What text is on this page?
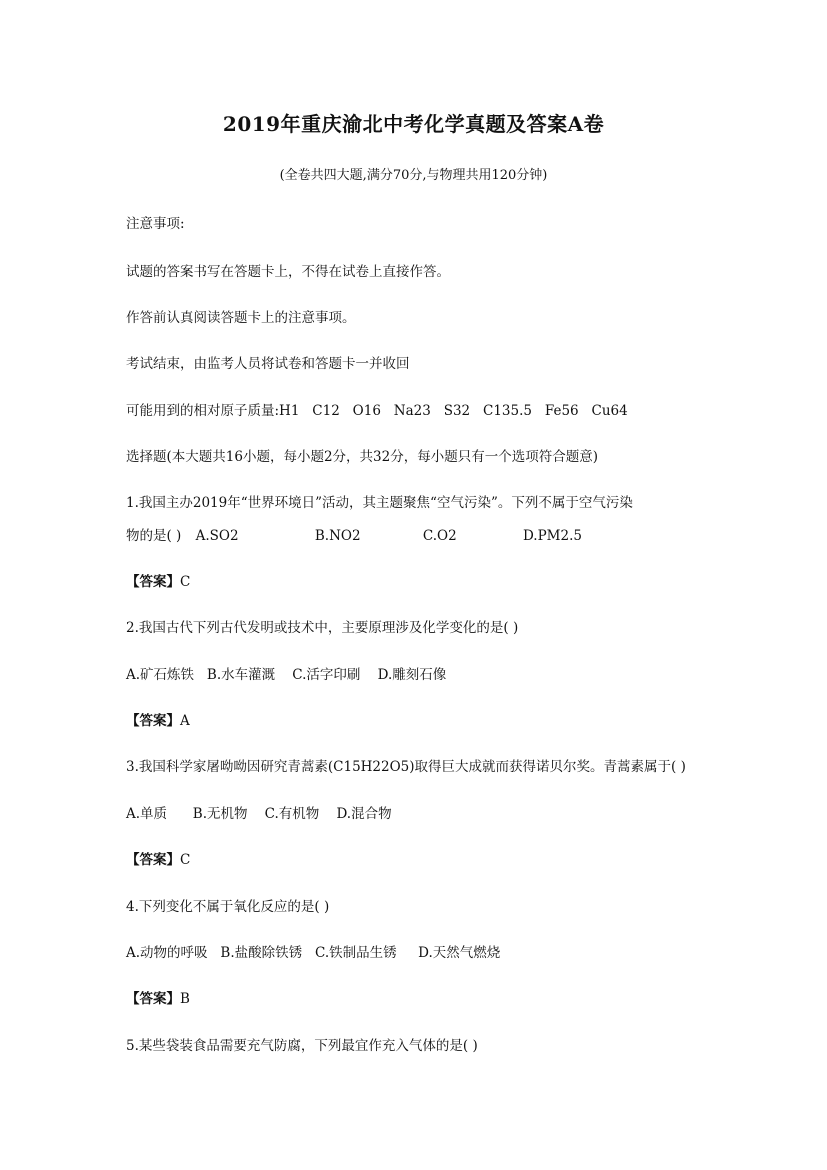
2019年重庆渝北中考化学真题及答案A卷
(全卷共四大题,满分70分,与物理共用120分钟)
注意事项:
试题的答案书写在答题卡上，不得在试卷上直接作答。
作答前认真阅读答题卡上的注意事项。
考试结束，由监考人员将试卷和答题卡一并收回
可能用到的相对原子质量:H1   C12   O16   Na23   S32   C135.5   Fe56   Cu64
选择题(本大题共16小题，每小题2分，共32分，每小题只有一个选项符合题意)
1.我国主办2019年“世界环境日”活动，其主题聚焦“空气污染”。下列不属于空气污染
物的是( ) A.SO2	B.NO2	C.O2	D.PM2.5
【答案】C
2.我国古代下列古代发明或技术中，主要原理涉及化学变化的是( )
A.矿石炼铁   B.水车灌溉    C.活字印刷    D.雕刻石像
【答案】A
3.我国科学家屠呦呦因研究青蒿素(C15H22O5)取得巨大成就而获得诺贝尔奖。青蒿素属于( )
A.单质      B.无机物    C.有机物    D.混合物
【答案】C
4.下列变化不属于氧化反应的是( )
A.动物的呼吸   B.盐酸除铁锈   C.铁制品生锈     D.天然气燃烧
【答案】B
5.某些袋装食品需要充气防腐，下列最宜作充入气体的是( )
